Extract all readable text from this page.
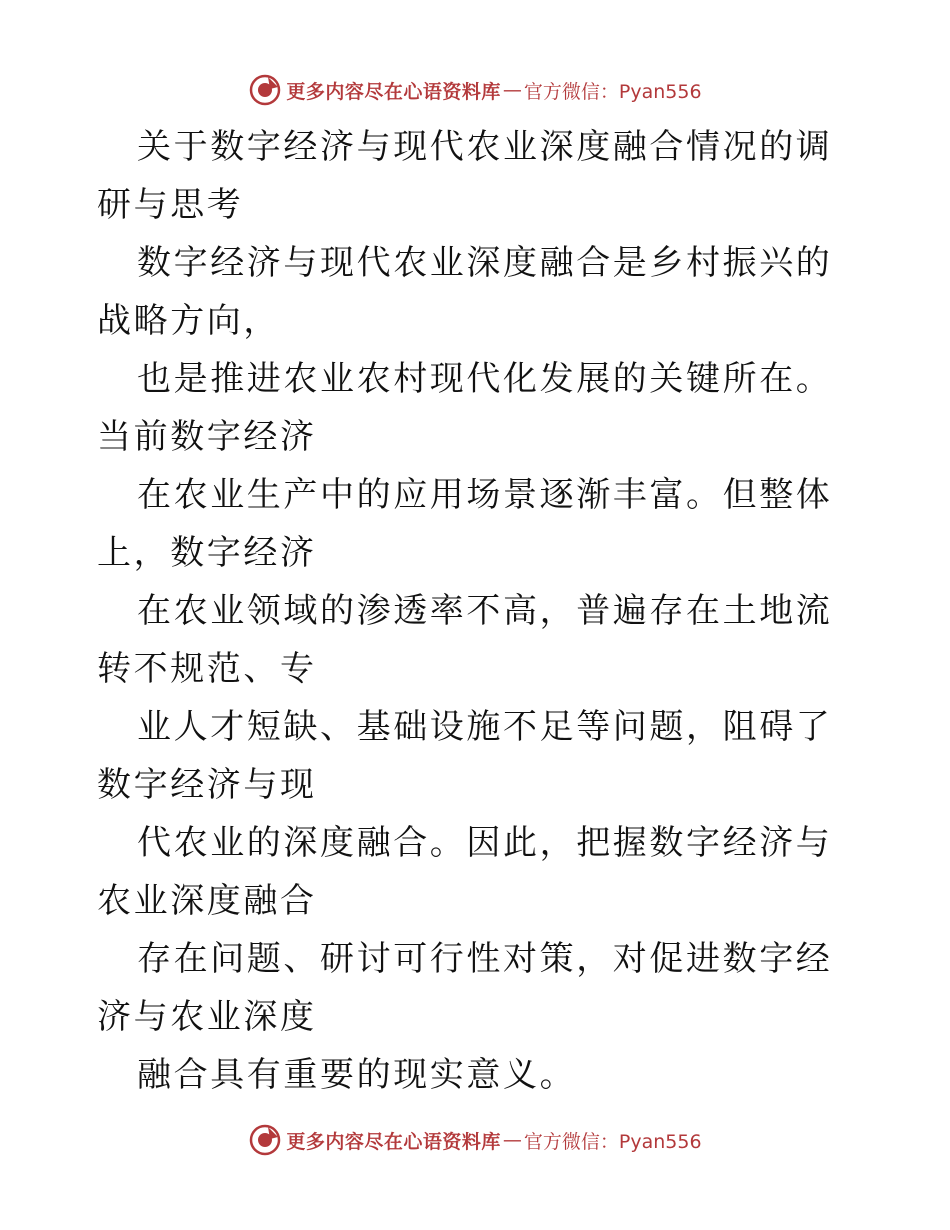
更多内容尽在心语资料库 — 官方微信：Pyan556

关于数字经济与现代农业深度融合情况的调研与思考

数字经济与现代农业深度融合是乡村振兴的战略方向，

也是推进农业农村现代化发展的关键所在。当前数字经济

在农业生产中的应用场景逐渐丰富。但整体上，数字经济

在农业领域的渗透率不高，普遍存在土地流转不规范、专

业人才短缺、基础设施不足等问题，阻碍了数字经济与现

代农业的深度融合。因此，把握数字经济与农业深度融合

存在问题、研讨可行性对策，对促进数字经济与农业深度

融合具有重要的现实意义。

更多内容尽在心语资料库 — 官方微信：Pyan556
